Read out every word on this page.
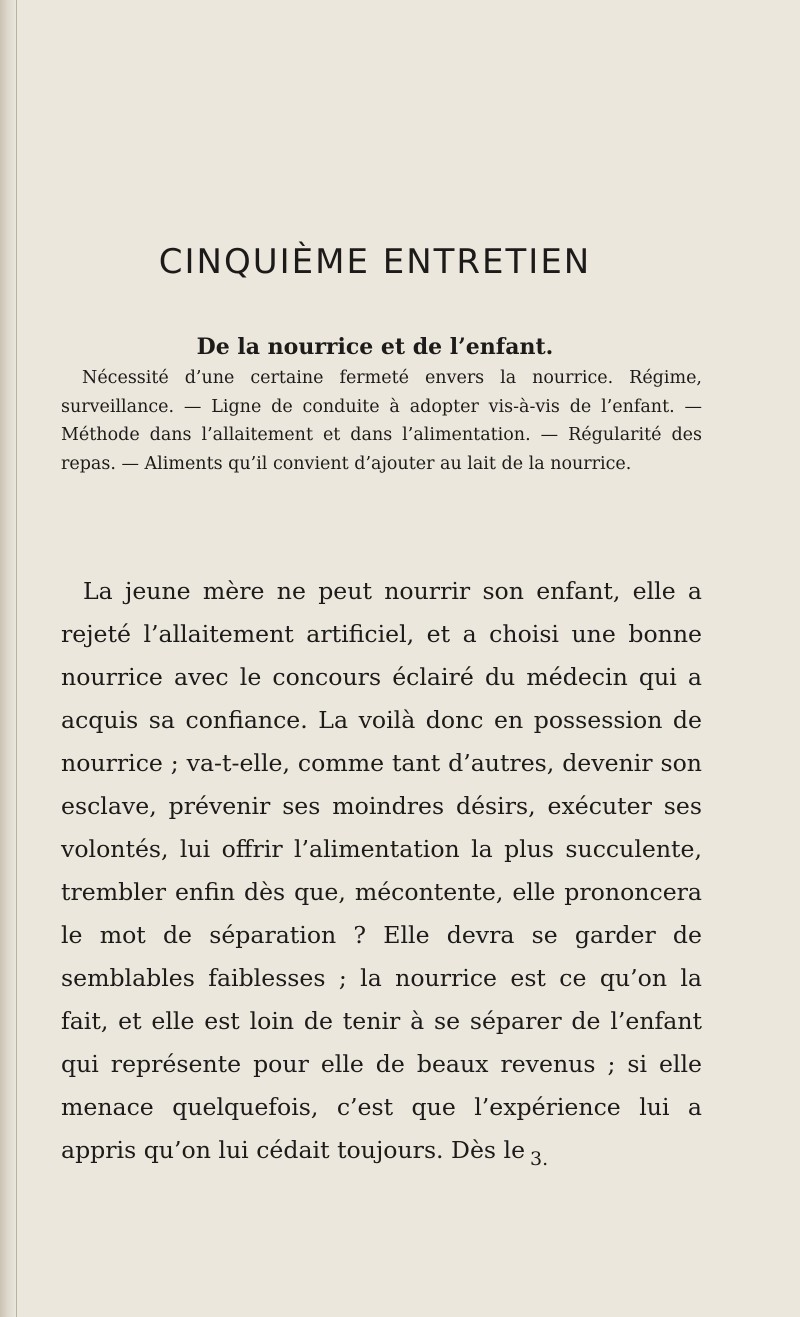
CINQUIÈME ENTRETIEN
De la nourrice et de l’enfant.

Nécessité d’une certaine fermeté envers la nourrice. Régime, surveillance. — Ligne de conduite à adopter vis-à-vis de l’enfant. — Méthode dans l’allaitement et dans l’alimentation. — Régularité des repas. — Aliments qu’il convient d’ajouter au lait de la nourrice.

La jeune mère ne peut nourrir son enfant, elle a rejeté l’allaitement artificiel, et a choisi une bonne nourrice avec le concours éclairé du médecin qui a acquis sa confiance. La voilà donc en possession de nourrice ; va-t-elle, comme tant d’autres, devenir son esclave, prévenir ses moindres désirs, exécuter ses volontés, lui offrir l’alimentation la plus succulente, trembler enfin dès que, mécontente, elle prononcera le mot de séparation ? Elle devra se garder de semblables faiblesses ; la nourrice est ce qu’on la fait, et elle est loin de tenir à se séparer de l’enfant qui représente pour elle de beaux revenus ; si elle menace quelquefois, c’est que l’expérience lui a appris qu’on lui cédait toujours. Dès le 3.
